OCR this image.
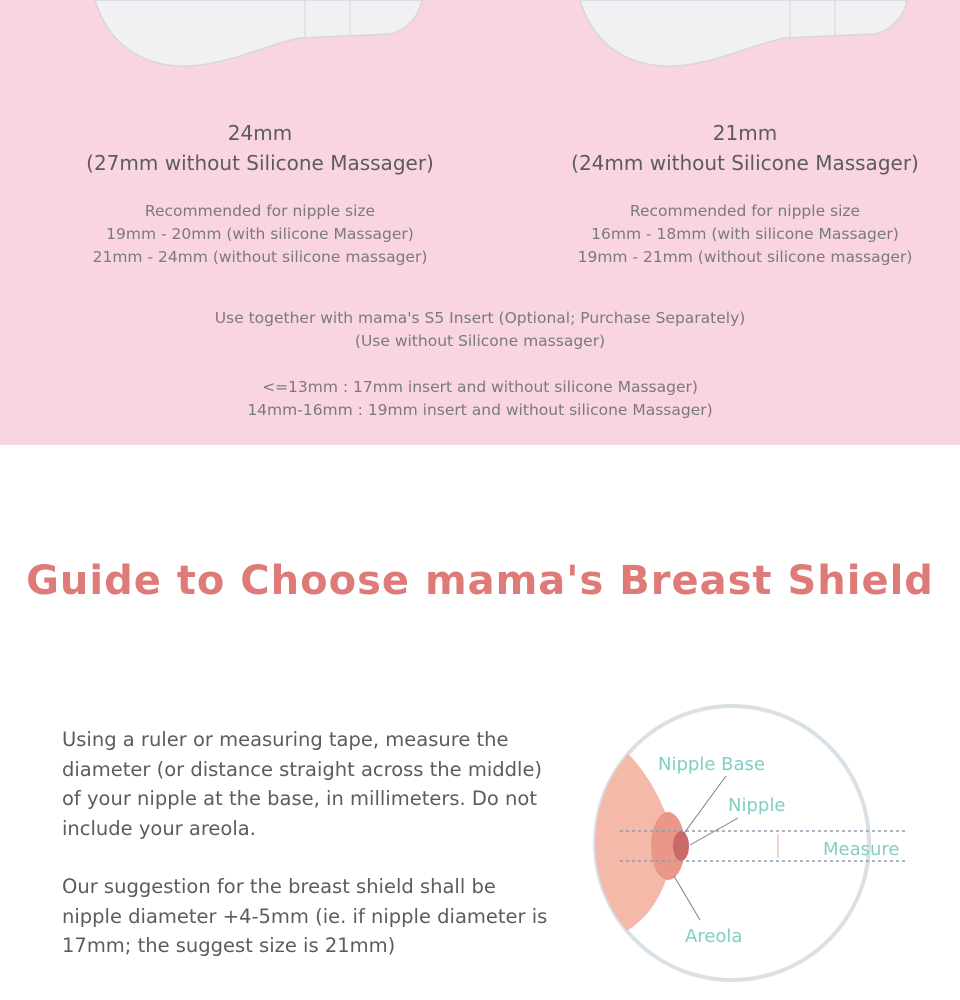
24mm

(27mm without Silicone Massager)

Recommended for nipple size
19mm - 20mm (with silicone Massager)
21mm - 24mm (without silicone massager)

21mm

(24mm without Silicone Massager)

Recommended for nipple size
16mm - 18mm (with silicone Massager)
19mm - 21mm (without silicone massager)
Use together with mama's S5 Insert (Optional; Purchase Separately)
(Use without Silicone massager)
<=13mm : 17mm insert and without silicone Massager)
14mm-16mm : 19mm insert and without silicone Massager)
Guide to Choose mama's Breast Shield

Using a ruler or measuring tape, measure the diameter (or distance straight across the middle) of your nipple at the base, in millimeters. Do not include your areola.

Our suggestion for the breast shield shall be nipple diameter +4-5mm (ie. if nipple diameter is 17mm; the suggest size is 21mm)

Nipple Base
Nipple
Measure
Areola
